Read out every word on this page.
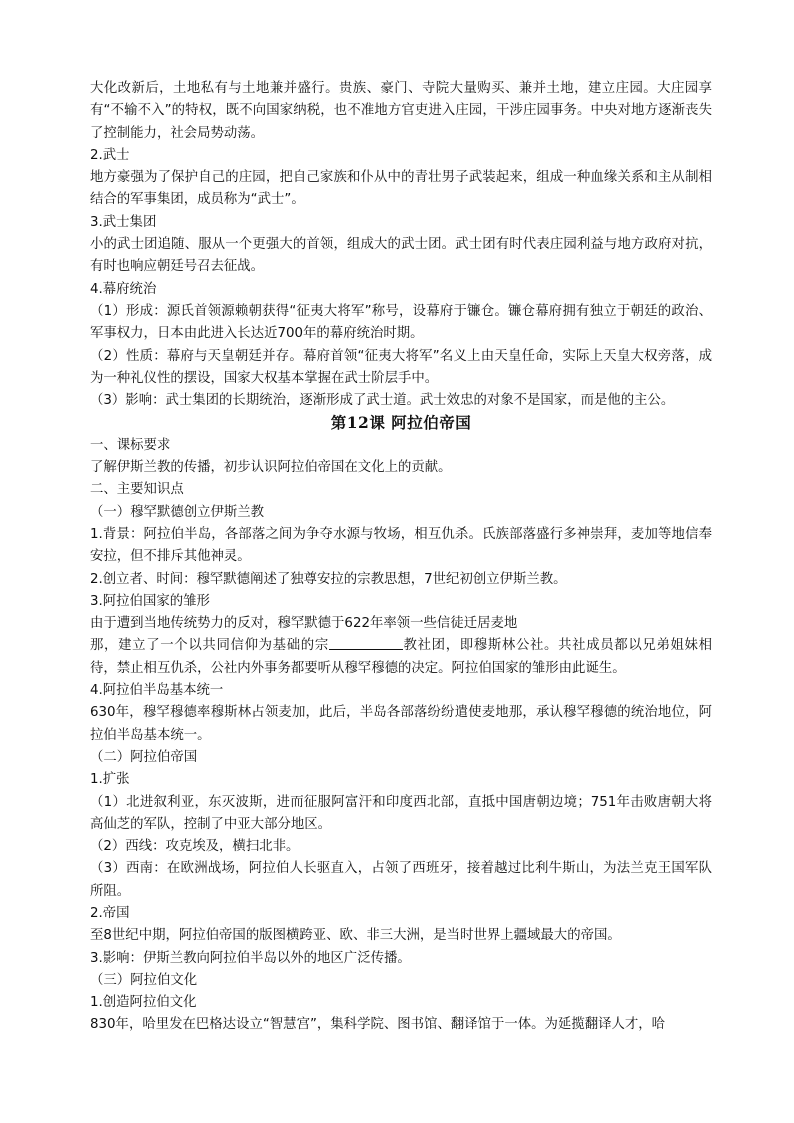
大化改新后，土地私有与土地兼并盛行。贵族、豪门、寺院大量购买、兼并土地，建立庄园。大庄园享有“不输不入”的特权，既不向国家纳税，也不准地方官吏进入庄园，干涉庄园事务。中央对地方逐渐丧失了控制能力，社会局势动荡。

2.武士

地方豪强为了保护自己的庄园，把自己家族和仆从中的青壮男子武装起来，组成一种血缘关系和主从制相结合的军事集团，成员称为“武士”。

3.武士集团

小的武士团追随、服从一个更强大的首领，组成大的武士团。武士团有时代表庄园利益与地方政府对抗，有时也响应朝廷号召去征战。

4.幕府统治

（1）形成：源氏首领源赖朝获得“征夷大将军”称号，设幕府于镰仓。镰仓幕府拥有独立于朝廷的政治、军事权力，日本由此进入长达近700年的幕府统治时期。

（2）性质：幕府与天皇朝廷并存。幕府首领“征夷大将军”名义上由天皇任命，实际上天皇大权旁落，成为一种礼仪性的摆设，国家大权基本掌握在武士阶层手中。

（3）影响：武士集团的长期统治，逐渐形成了武士道。武士效忠的对象不是国家，而是他的主公。

第12课 阿拉伯帝国

一、课标要求

了解伊斯兰教的传播，初步认识阿拉伯帝国在文化上的贡献。

二、主要知识点

（一）穆罕默德创立伊斯兰教

1.背景：阿拉伯半岛，各部落之间为争夺水源与牧场，相互仇杀。氏族部落盛行多神崇拜，麦加等地信奉安拉，但不排斥其他神灵。

2.创立者、时间：穆罕默德阐述了独尊安拉的宗教思想，7世纪初创立伊斯兰教。

3.阿拉伯国家的雏形

由于遭到当地传统势力的反对，穆罕默德于622年率领一些信徒迁居麦地

那，建立了一个以共同信仰为基础的宗	教社团，即穆斯林公社。共社成员都以兄弟姐妹相待，禁止相互仇杀，公社内外事务都要听从穆罕穆德的决定。阿拉伯国家的雏形由此诞生。

4.阿拉伯半岛基本统一

630年，穆罕穆德率穆斯林占领麦加，此后，半岛各部落纷纷遣使麦地那，承认穆罕穆德的统治地位，阿拉伯半岛基本统一。

（二）阿拉伯帝国

1.扩张

（1）北进叙利亚，东灭波斯，进而征服阿富汗和印度西北部，直抵中国唐朝边境；751年击败唐朝大将高仙芝的军队，控制了中亚大部分地区。

（2）西线：攻克埃及，横扫北非。

（3）西南：在欧洲战场，阿拉伯人长驱直入，占领了西班牙，接着越过比利牛斯山，为法兰克王国军队所阻。

2.帝国

至8世纪中期，阿拉伯帝国的版图横跨亚、欧、非三大洲，是当时世界上疆域最大的帝国。

3.影响：伊斯兰教向阿拉伯半岛以外的地区广泛传播。

（三）阿拉伯文化

1.创造阿拉伯文化

830年，哈里发在巴格达设立“智慧宫”，集科学院、图书馆、翻译馆于一体。为延揽翻译人才，哈
